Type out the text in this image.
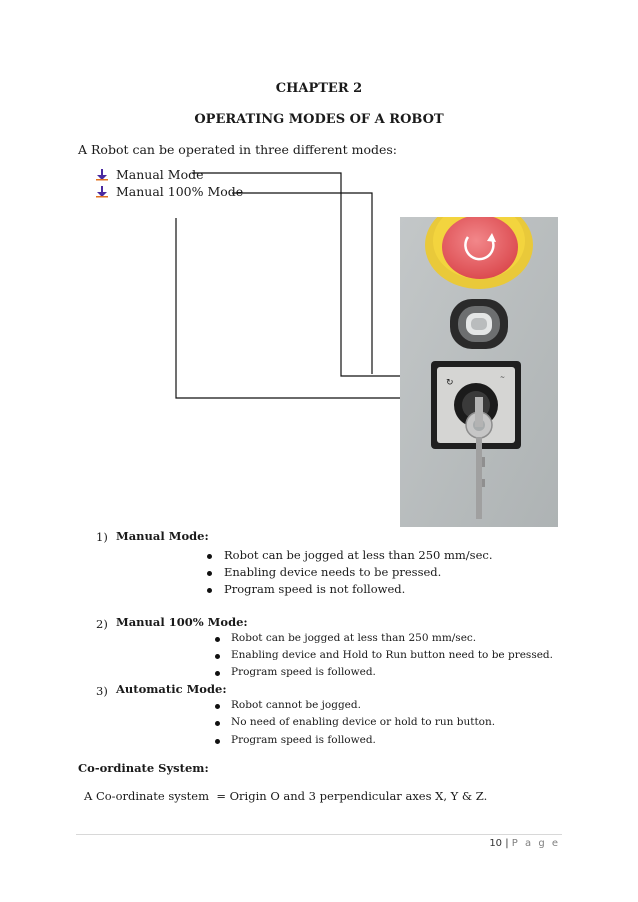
CHAPTER 2
OPERATING MODES OF A ROBOT
A Robot can be operated in three different modes:
Manual Mode
Manual 100% Mode
↻
~
1) Manual Mode:
Robot can be jogged at less than 250 mm/sec.
Enabling device needs to be pressed.
Program speed is not followed.
2) Manual 100% Mode:
Robot can be jogged at less than 250 mm/sec.
Enabling device and Hold to Run button need to be pressed.
Program speed is followed.
3) Automatic Mode:
Robot cannot be jogged.
No need of enabling device or hold to run button.
Program speed is followed.
Co-ordinate System:
A Co-ordinate system  = Origin O and 3 perpendicular axes X, Y & Z.
10 | P a g e
